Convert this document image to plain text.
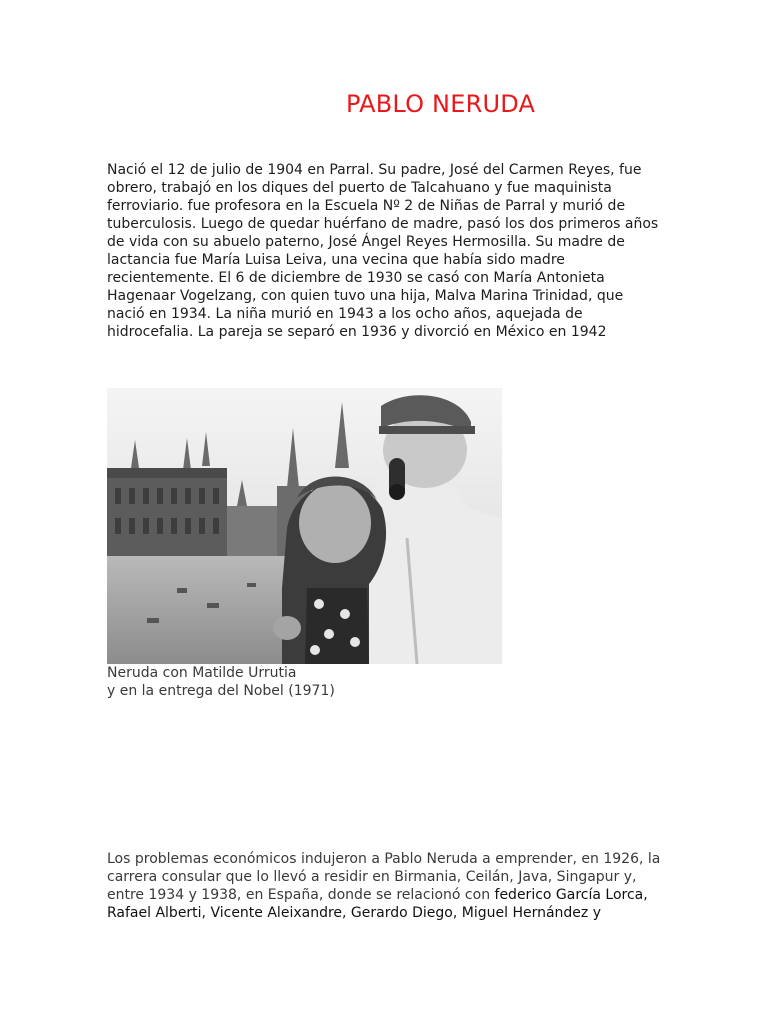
PABLO NERUDA
Nació el 12 de julio de 1904 en Parral. Su padre, José del Carmen Reyes, fue obrero, trabajó en los diques del puerto de Talcahuano y fue maquinista ferroviario. fue profesora en la Escuela Nº 2 de Niñas de Parral y murió de tuberculosis. Luego de quedar huérfano de madre, pasó los dos primeros años de vida con su abuelo paterno, José Ángel Reyes Hermosilla. Su madre de lactancia fue María Luisa Leiva, una vecina que había sido madre recientemente. El 6 de diciembre de 1930 se casó con María Antonieta Hagenaar Vogelzang, con quien tuvo una hija, Malva Marina Trinidad, que nació en 1934. La niña murió en 1943 a los ocho años, aquejada de hidrocefalia. La pareja se separó en 1936 y divorció en México en 1942
Neruda con Matilde Urrutia
y en la entrega del Nobel (1971)
Los problemas económicos indujeron a Pablo Neruda a emprender, en 1926, la carrera consular que lo llevó a residir en Birmania, Ceilán, Java, Singapur y, entre 1934 y 1938, en España, donde se relacionó con federico García Lorca, Rafael Alberti, Vicente Aleixandre, Gerardo Diego, Miguel Hernández y
